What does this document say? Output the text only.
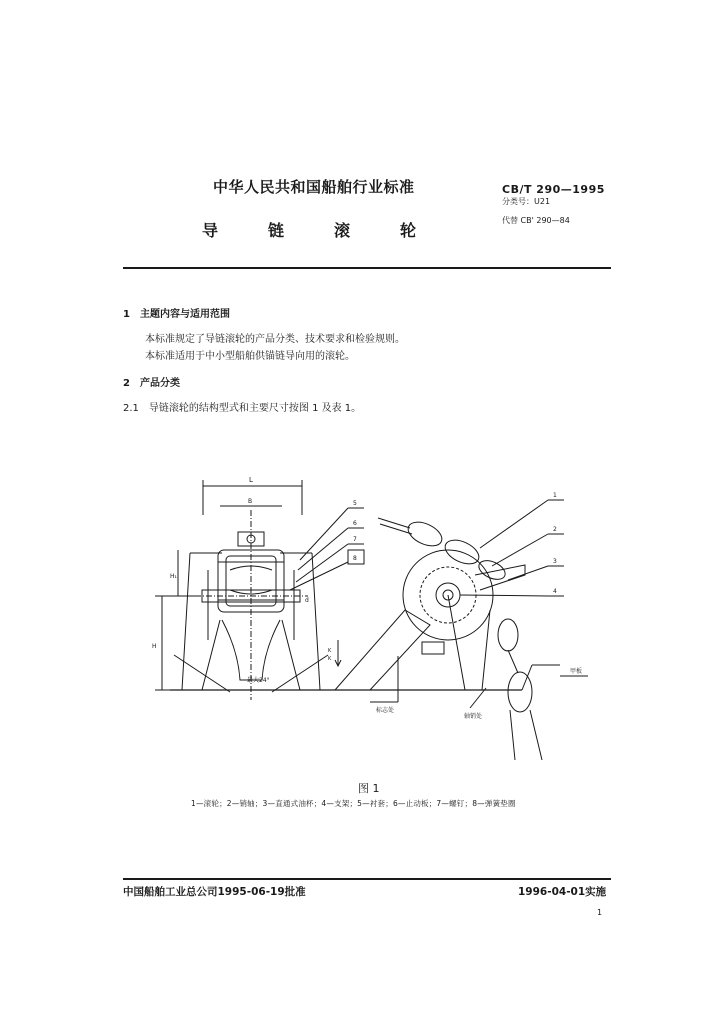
中华人民共和国船舶行业标准
导	链	滚	轮
CB/T 290—1995
分类号：U21
代替 CB' 290—84
1　主题内容与适用范围
本标准规定了导链滚轮的产品分类、技术要求和检验规则。
本标准适用于中小型船舶供锚链导向用的滚轮。
2　产品分类
2.1　导链滚轮的结构型式和主要尺寸按图 1 及表 1。
L
B
最大24°
H
H₁
d
5
6
7
8
K
K
1
2
3
4
标志处
轴销处
甲板
图 1
1—滚轮；2—销轴；3—直通式油杯；4—支架；5—衬套；6—止动板；7—螺钉；8—弹簧垫圈
中国船舶工业总公司1995-06-19批准	1996-04-01实施
1
